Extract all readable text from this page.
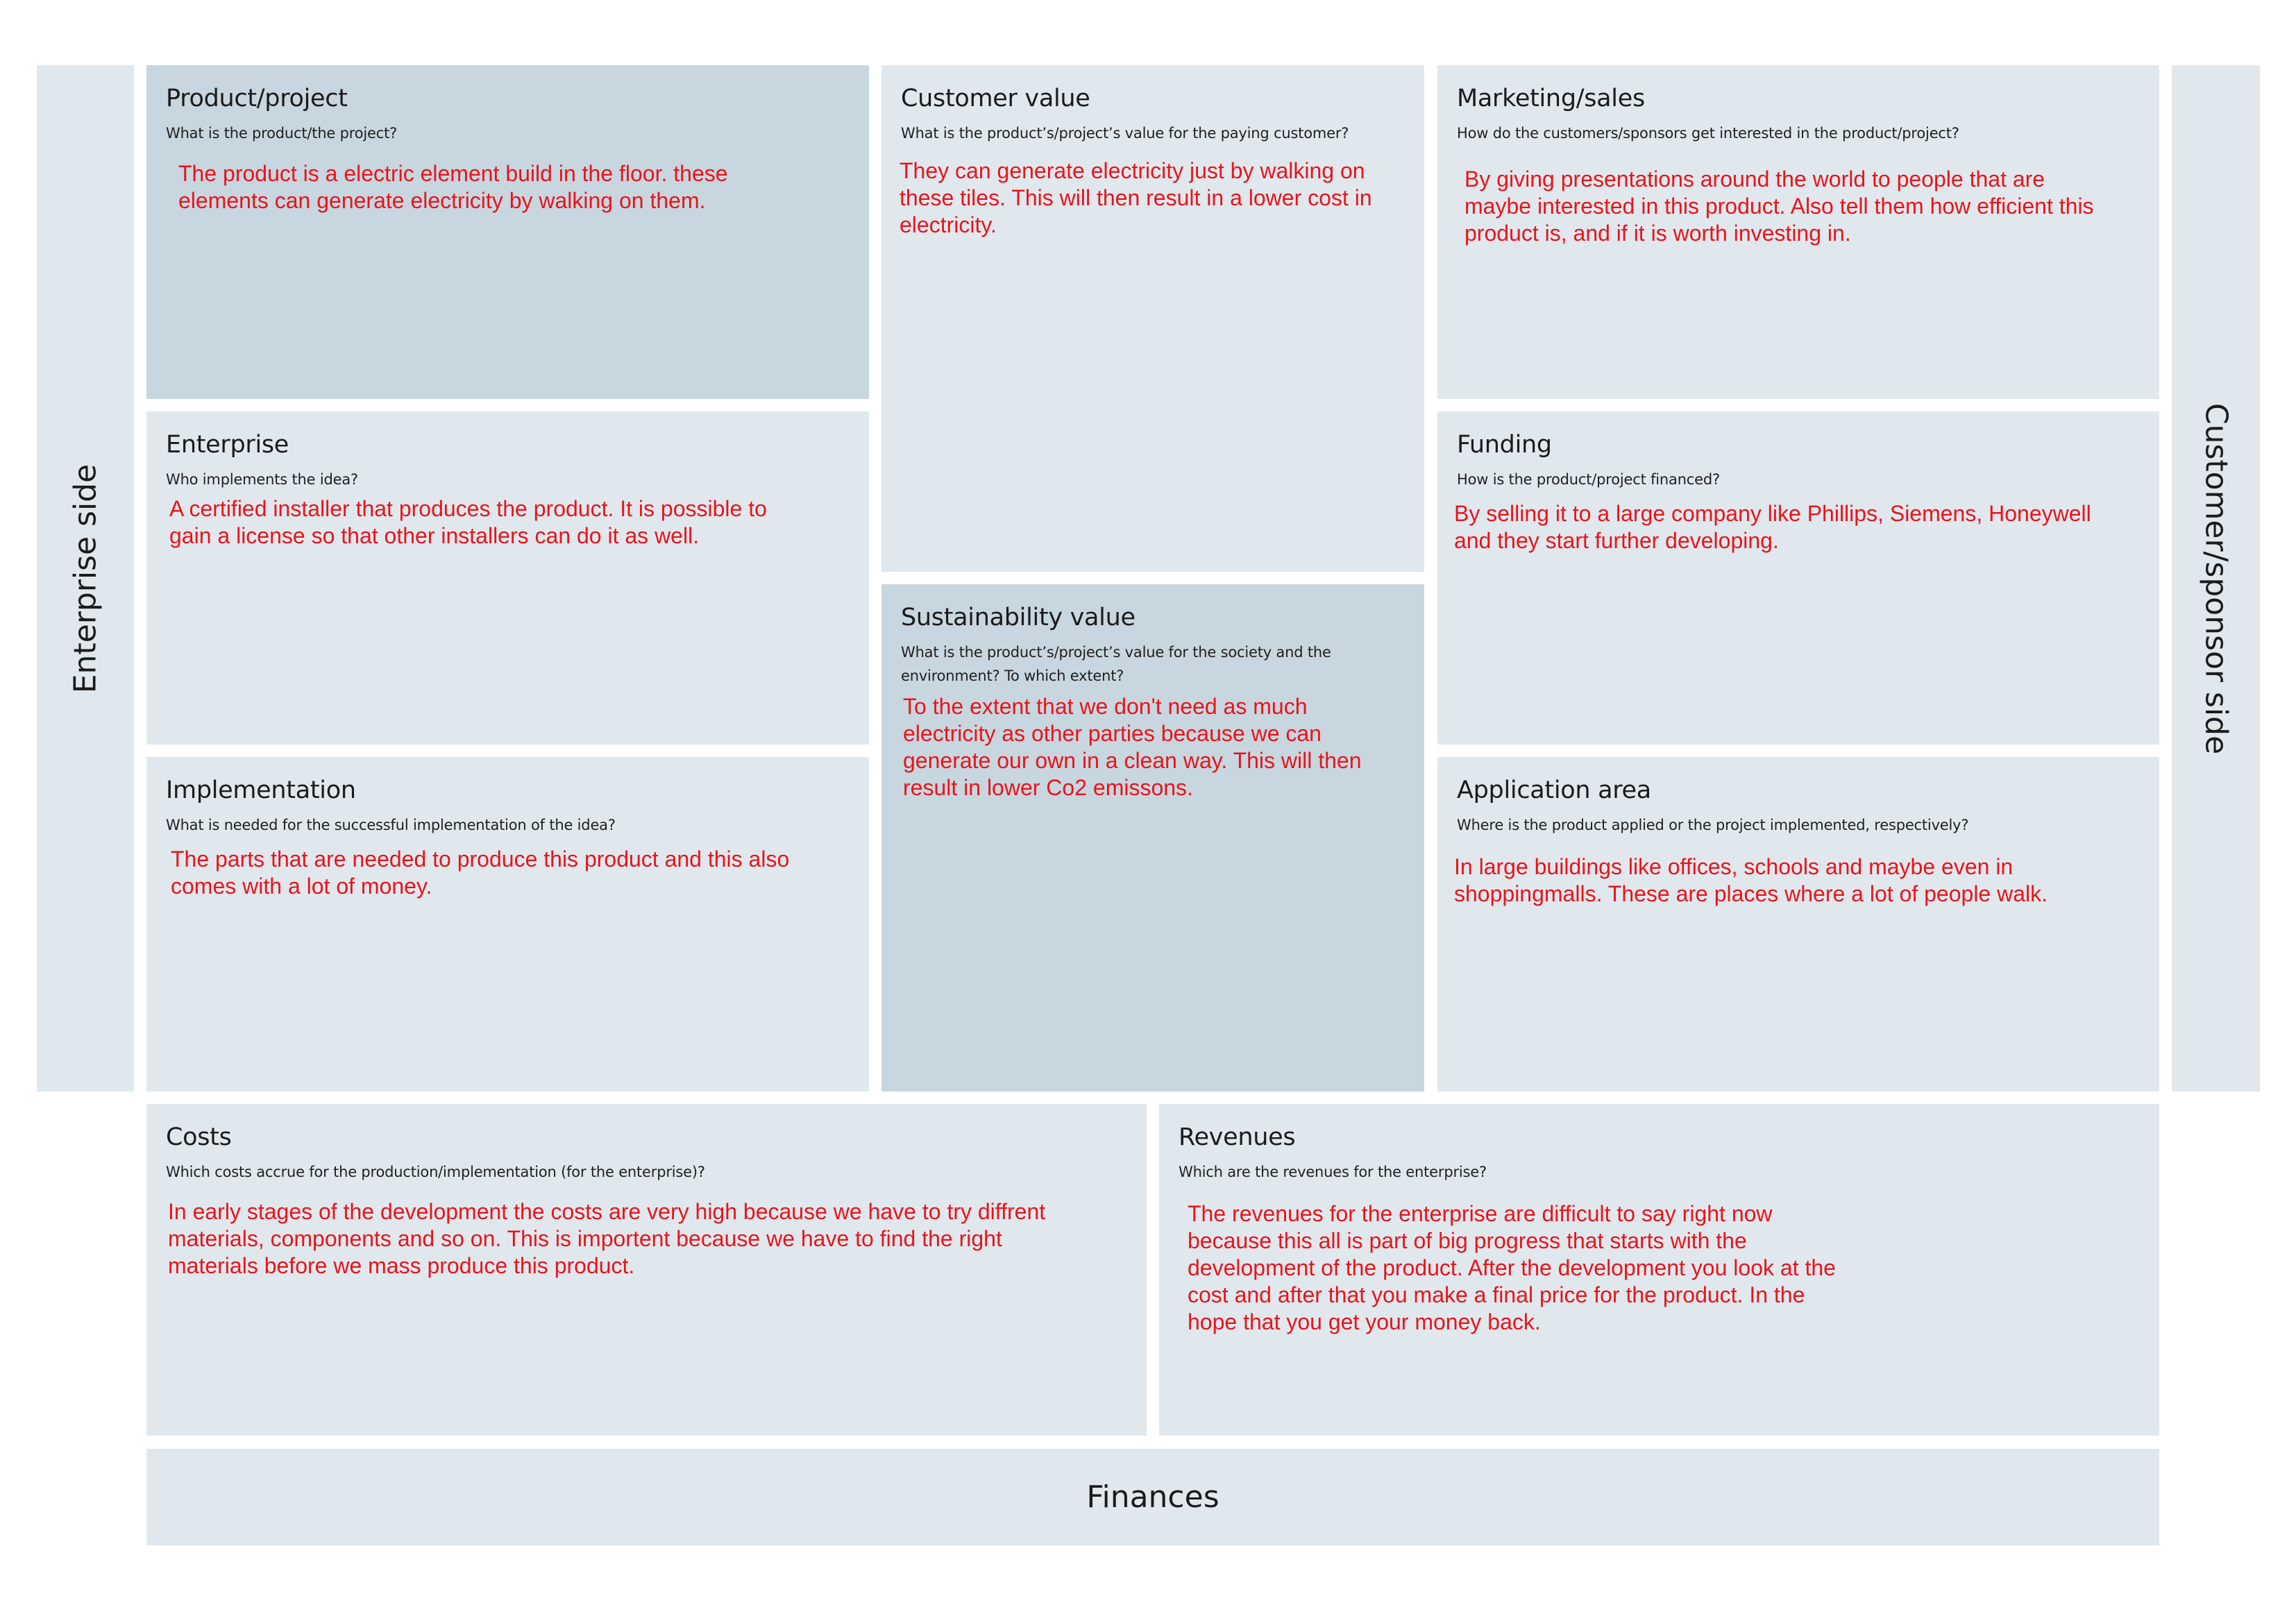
Enterprise side	Customer/sponsor side
Product/project

What is the product/the project?

The product is a electric element build in the floor. these
elements can generate electricity by walking on them.

Customer value

What is the product’s/project’s value for the paying customer?

They can generate electricity just by walking on
these tiles. This will then result in a lower cost in
electricity.

Marketing/sales

How do the customers/sponsors get interested in the product/project?

By giving presentations around the world to people that are
maybe interested in this product. Also tell them how efficient this
product is, and if it is worth investing in.

Enterprise

Who implements the idea?

A certified installer that produces the product. It is possible to
gain a license so that other installers can do it as well.

Funding

How is the product/project financed?

By selling it to a large company like Phillips, Siemens, Honeywell
and they start further developing.

Sustainability value

What is the product’s/project’s value for the society and the
environment? To which extent?

To the extent that we don't need as much
electricity as other parties because we can
generate our own in a clean way. This will then
result in lower Co2 emissons.

Implementation

What is needed for the successful implementation of the idea?

The parts that are needed to produce this product and this also
comes with a lot of money.

Application area

Where is the product applied or the project implemented, respectively?

In large buildings like offices, schools and maybe even in
shoppingmalls. These are places where a lot of people walk.

Costs

Which costs accrue for the production/implementation (for the enterprise)?

In early stages of the development the costs are very high because we have to try diffrent
materials, components and so on. This is importent because we have to find the right
materials before we mass produce this product.

Revenues

Which are the revenues for the enterprise?

The revenues for the enterprise are difficult to say right now
because this all is part of big progress that starts with the
development of the product. After the development you look at the
cost and after that you make a final price for the product. In the
hope that you get your money back.

Finances
